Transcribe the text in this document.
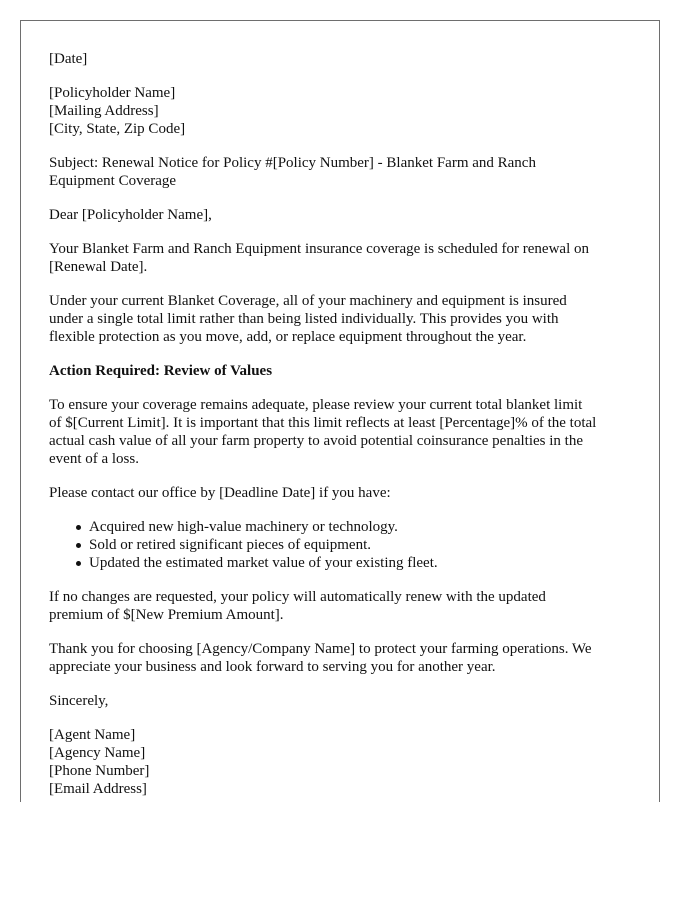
[Date]

[Policyholder Name]
[Mailing Address]
[City, State, Zip Code]

Subject: Renewal Notice for Policy #[Policy Number] - Blanket Farm and Ranch
Equipment Coverage

Dear [Policyholder Name],

Your Blanket Farm and Ranch Equipment insurance coverage is scheduled for renewal on
[Renewal Date].

Under your current Blanket Coverage, all of your machinery and equipment is insured
under a single total limit rather than being listed individually. This provides you with
flexible protection as you move, add, or replace equipment throughout the year.

Action Required: Review of Values

To ensure your coverage remains adequate, please review your current total blanket limit
of $[Current Limit]. It is important that this limit reflects at least [Percentage]% of the total
actual cash value of all your farm property to avoid potential coinsurance penalties in the
event of a loss.

Please contact our office by [Deadline Date] if you have:

Acquired new high-value machinery or technology.
Sold or retired significant pieces of equipment.
Updated the estimated market value of your existing fleet.

If no changes are requested, your policy will automatically renew with the updated
premium of $[New Premium Amount].

Thank you for choosing [Agency/Company Name] to protect your farming operations. We
appreciate your business and look forward to serving you for another year.

Sincerely,

[Agent Name]
[Agency Name]
[Phone Number]
[Email Address]
